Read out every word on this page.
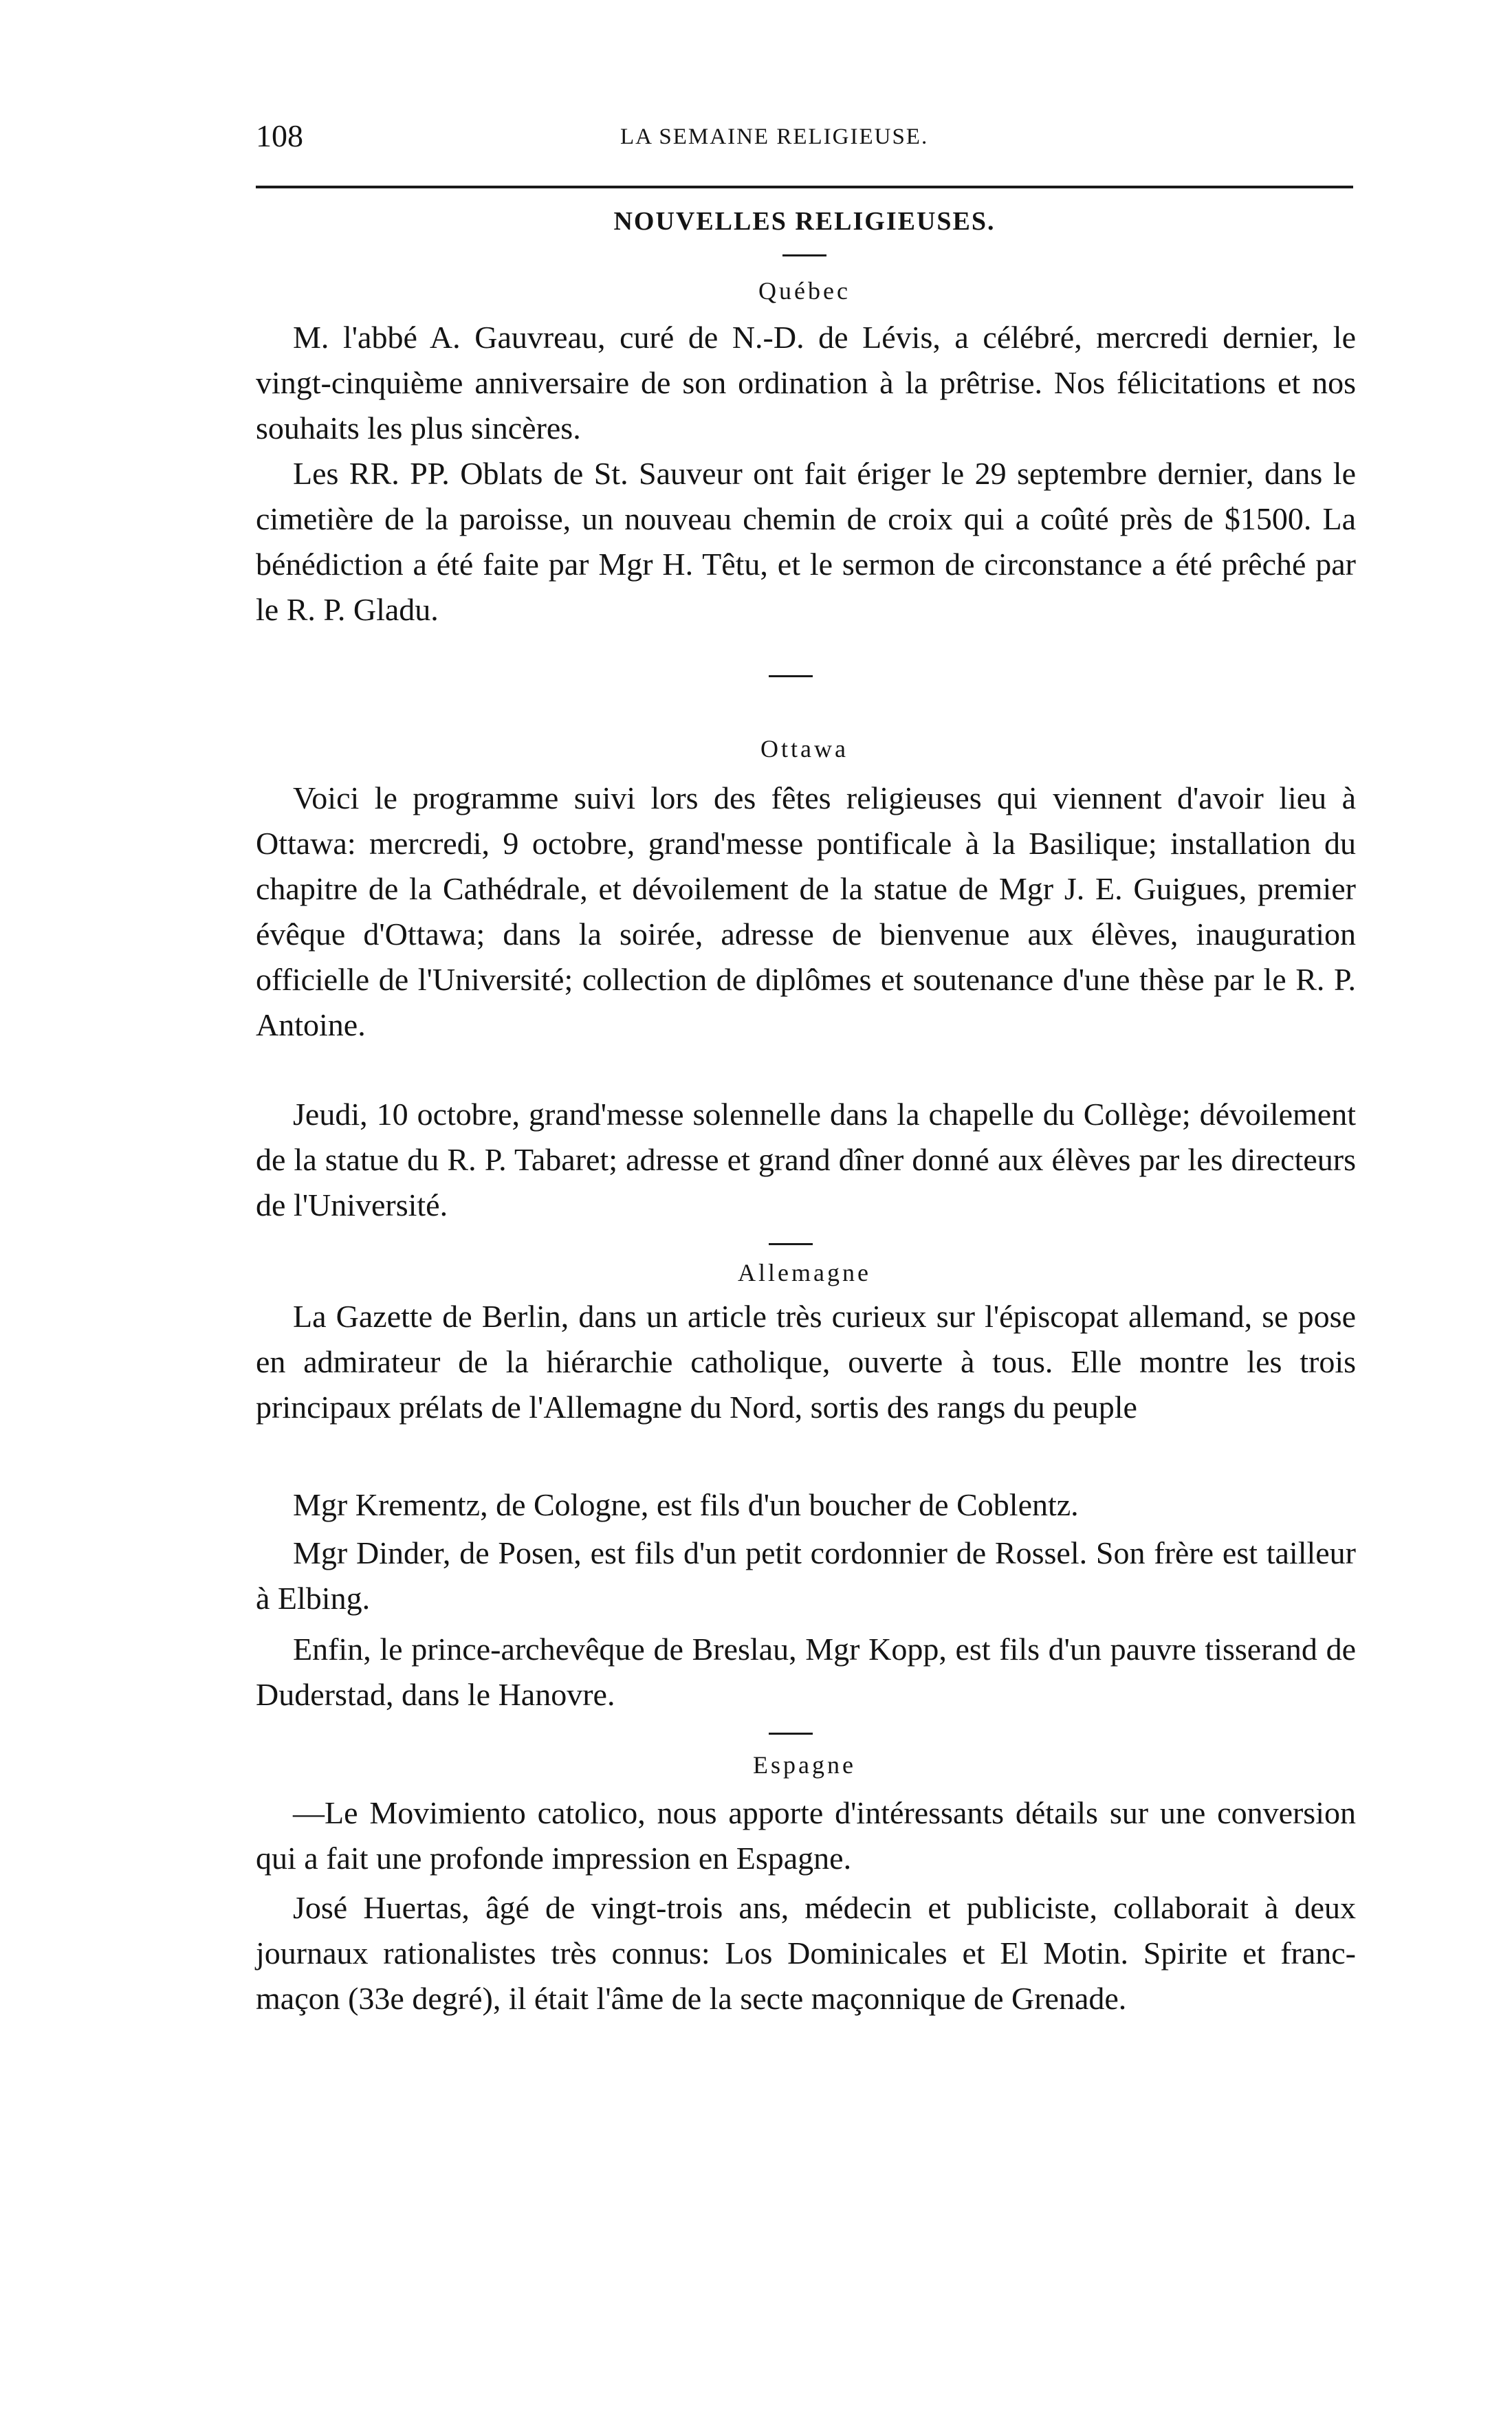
108	LA SEMAINE RELIGIEUSE.
NOUVELLES RELIGIEUSES.
Québec

M. l'abbé A. Gauvreau, curé de N.-D. de Lévis, a célébré, mercredi dernier, le vingt-cinquième anniversaire de son ordination à la prêtrise. Nos félicitations et nos souhaits les plus sincères.

Les RR. PP. Oblats de St. Sauveur ont fait ériger le 29 septembre dernier, dans le cimetière de la paroisse, un nouveau chemin de croix qui a coûté près de $1500. La bénédiction a été faite par Mgr H. Têtu, et le sermon de circonstance a été prêché par le R. P. Gladu.

Ottawa

Voici le programme suivi lors des fêtes religieuses qui viennent d'avoir lieu à Ottawa: mercredi, 9 octobre, grand'messe pontificale à la Basilique; installation du chapitre de la Cathédrale, et dévoilement de la statue de Mgr J. E. Guigues, premier évêque d'Ottawa; dans la soirée, adresse de bienvenue aux élèves, inauguration officielle de l'Université; collection de diplômes et soutenance d'une thèse par le R. P. Antoine.

Jeudi, 10 octobre, grand'messe solennelle dans la chapelle du Collège; dévoilement de la statue du R. P. Tabaret; adresse et grand dîner donné aux élèves par les directeurs de l'Université.

Allemagne

La Gazette de Berlin, dans un article très curieux sur l'épiscopat allemand, se pose en admirateur de la hiérarchie catholique, ouverte à tous. Elle montre les trois principaux prélats de l'Allemagne du Nord, sortis des rangs du peuple

Mgr Krementz, de Cologne, est fils d'un boucher de Coblentz.

Mgr Dinder, de Posen, est fils d'un petit cordonnier de Rossel. Son frère est tailleur à Elbing.

Enfin, le prince-archevêque de Breslau, Mgr Kopp, est fils d'un pauvre tisserand de Duderstad, dans le Hanovre.

Espagne

—Le Movimiento catolico, nous apporte d'intéressants détails sur une conversion qui a fait une profonde impression en Espagne.

José Huertas, âgé de vingt-trois ans, médecin et publiciste, collaborait à deux journaux rationalistes très connus: Los Dominicales et El Motin. Spirite et franc-maçon (33e degré), il était l'âme de la secte maçonnique de Grenade.
